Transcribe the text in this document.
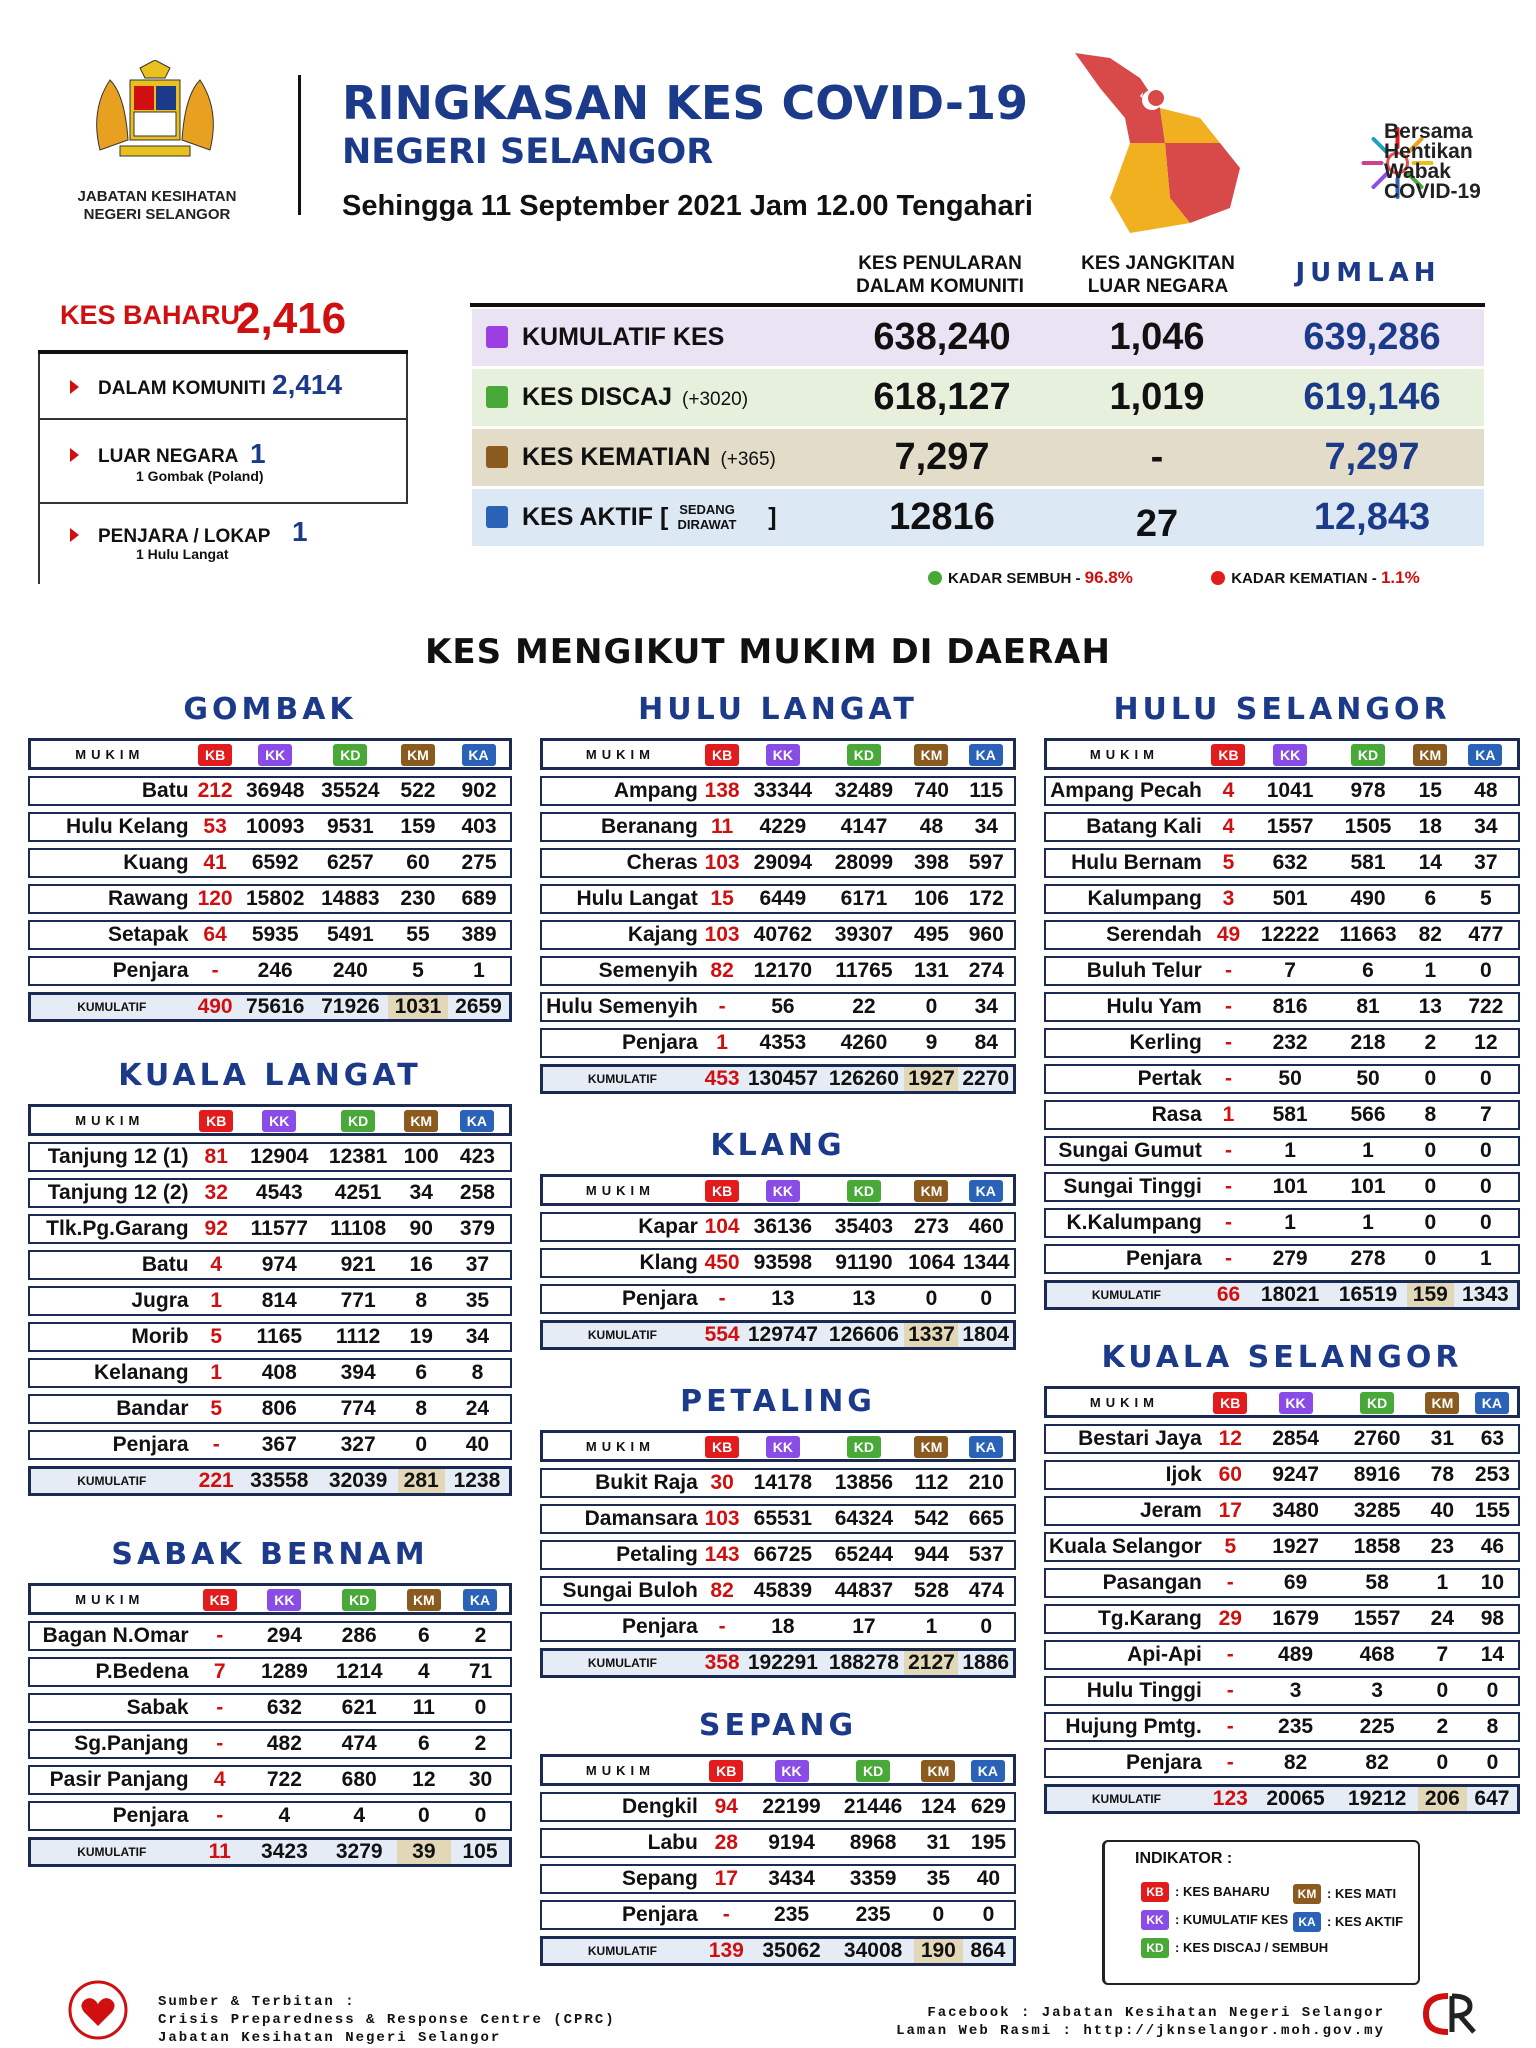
JABATAN KESIHATAN NEGERI SELANGOR
RINGKASAN KES COVID-19
NEGERI SELANGOR
Sehingga 11 September 2021 Jam 12.00 Tengahari
Bersama
Hentikan
Wabak
COVID-19
KES PENULARAN DALAM KOMUNITI
KES JANGKITAN LUAR NEGARA	JUMLAH
KUMULATIF KES	638,240	1,046	639,286
KES DISCAJ (+3020)	618,127	1,019	619,146
KES KEMATIAN (+365)	7,297	-	7,297
KES AKTIF [	]	12816	27	12,843
SEDANG DIRAWAT
KADAR SEMBUH - 96.8%	KADAR KEMATIAN - 1.1%
KES BAHARU
2,416
DALAM KOMUNITI 2,414
LUAR NEGARA 1
1 Gombak (Poland)
PENJARA / LOKAP 1
1 Hulu Langat
KES MENGIKUT MUKIM DI DAERAH
GOMBAK
MUKIM	KB	KK	KD	KM	KA
Batu	212	36948	35524	522	902
Hulu Kelang	53	10093	9531	159	403
Kuang	41	6592	6257	60	275
Rawang	120	15802	14883	230	689
Setapak	64	5935	5491	55	389
Penjara	-	246	240	5	1
KUMULATIF	490	75616	71926	1031	2659
KUALA LANGAT
MUKIM	KB	KK	KD	KM	KA
Tanjung 12 (1)	81	12904	12381	100	423
Tanjung 12 (2)	32	4543	4251	34	258
Tlk.Pg.Garang	92	11577	11108	90	379
Batu	4	974	921	16	37
Jugra	1	814	771	8	35
Morib	5	1165	1112	19	34
Kelanang	1	408	394	6	8
Bandar	5	806	774	8	24
Penjara	-	367	327	0	40
KUMULATIF	221	33558	32039	281	1238
SABAK BERNAM
MUKIM	KB	KK	KD	KM	KA
Bagan N.Omar	-	294	286	6	2
P.Bedena	7	1289	1214	4	71
Sabak	-	632	621	11	0
Sg.Panjang	-	482	474	6	2
Pasir Panjang	4	722	680	12	30
Penjara	-	4	4	0	0
KUMULATIF	11	3423	3279	39	105
HULU LANGAT
MUKIM	KB	KK	KD	KM	KA
Ampang	138	33344	32489	740	115
Beranang	11	4229	4147	48	34
Cheras	103	29094	28099	398	597
Hulu Langat	15	6449	6171	106	172
Kajang	103	40762	39307	495	960
Semenyih	82	12170	11765	131	274
Hulu Semenyih	-	56	22	0	34
Penjara	1	4353	4260	9	84
KUMULATIF	453	130457	126260	1927	2270
KLANG
MUKIM	KB	KK	KD	KM	KA
Kapar	104	36136	35403	273	460
Klang	450	93598	91190	1064	1344
Penjara	-	13	13	0	0
KUMULATIF	554	129747	126606	1337	1804
PETALING
MUKIM	KB	KK	KD	KM	KA
Bukit Raja	30	14178	13856	112	210
Damansara	103	65531	64324	542	665
Petaling	143	66725	65244	944	537
Sungai Buloh	82	45839	44837	528	474
Penjara	-	18	17	1	0
KUMULATIF	358	192291	188278	2127	1886
SEPANG
MUKIM	KB	KK	KD	KM	KA
Dengkil	94	22199	21446	124	629
Labu	28	9194	8968	31	195
Sepang	17	3434	3359	35	40
Penjara	-	235	235	0	0
KUMULATIF	139	35062	34008	190	864
HULU SELANGOR
MUKIM	KB	KK	KD	KM	KA
Ampang Pecah	4	1041	978	15	48
Batang Kali	4	1557	1505	18	34
Hulu Bernam	5	632	581	14	37
Kalumpang	3	501	490	6	5
Serendah	49	12222	11663	82	477
Buluh Telur	-	7	6	1	0
Hulu Yam	-	816	81	13	722
Kerling	-	232	218	2	12
Pertak	-	50	50	0	0
Rasa	1	581	566	8	7
Sungai Gumut	-	1	1	0	0
Sungai Tinggi	-	101	101	0	0
K.Kalumpang	-	1	1	0	0
Penjara	-	279	278	0	1
KUMULATIF	66	18021	16519	159	1343
KUALA SELANGOR
MUKIM	KB	KK	KD	KM	KA
Bestari Jaya	12	2854	2760	31	63
Ijok	60	9247	8916	78	253
Jeram	17	3480	3285	40	155
Kuala Selangor	5	1927	1858	23	46
Pasangan	-	69	58	1	10
Tg.Karang	29	1679	1557	24	98
Api-Api	-	489	468	7	14
Hulu Tinggi	-	3	3	0	0
Hujung Pmtg.	-	235	225	2	8
Penjara	-	82	82	0	0
KUMULATIF	123	20065	19212	206	647
INDIKATOR :
KB : KES BAHARU
KK : KUMULATIF KES
KD : KES DISCAJ / SEMBUH
KM : KES MATI
KA : KES AKTIF
Sumber & Terbitan :
Crisis Preparedness & Response Centre (CPRC)
Jabatan Kesihatan Negeri Selangor
Facebook : Jabatan Kesihatan Negeri Selangor
Laman Web Rasmi : http://jknselangor.moh.gov.my
